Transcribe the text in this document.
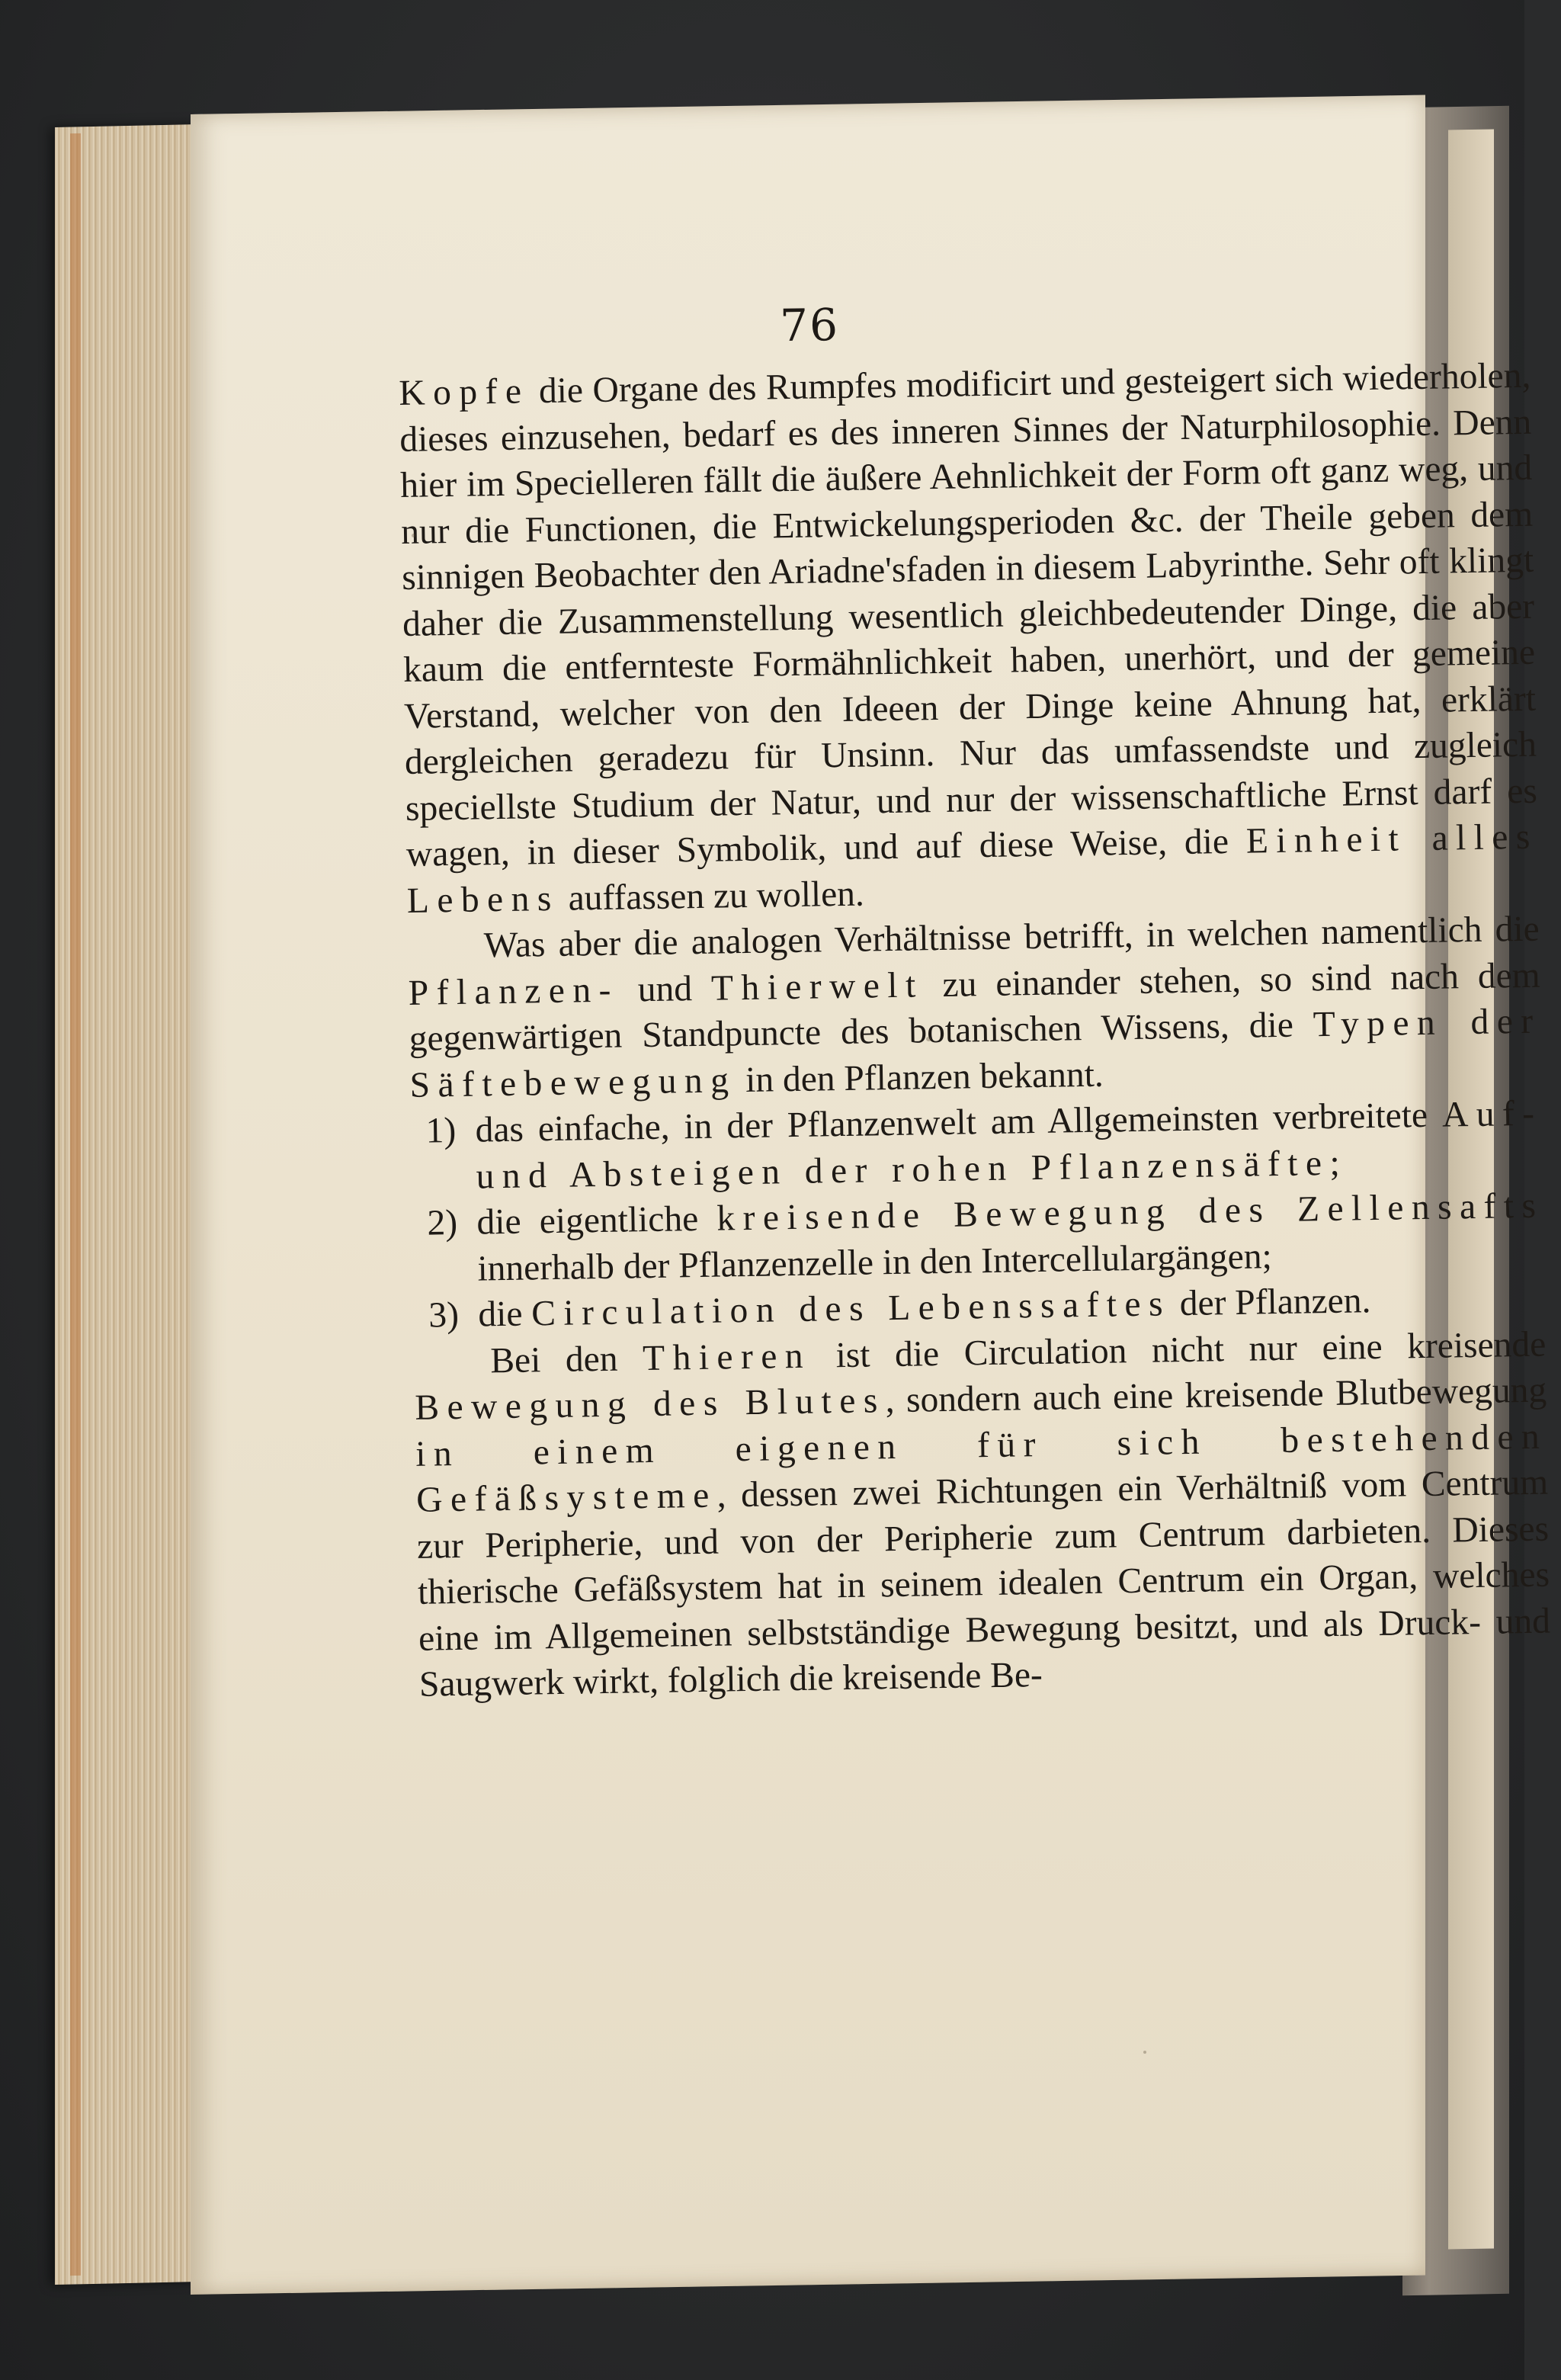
76

Kopfe die Organe des Rumpfes modificirt und gesteigert sich wiederholen, dieses einzusehen, bedarf es des inneren Sinnes der Naturphilosophie. Denn hier im Specielleren fällt die äußere Aehnlichkeit der Form oft ganz weg, und nur die Functionen, die Entwickelungsperioden &c. der Theile geben dem sinnigen Beobachter den Ariadne'sfaden in diesem Labyrinthe. Sehr oft klingt daher die Zusammenstellung wesentlich gleichbedeutender Dinge, die aber kaum die entfernteste Formähnlichkeit haben, unerhört, und der gemeine Verstand, welcher von den Ideeen der Dinge keine Ahnung hat, erklärt dergleichen geradezu für Unsinn. Nur das umfassendste und zugleich speciellste Studium der Natur, und nur der wissenschaftliche Ernst darf es wagen, in dieser Symbolik, und auf diese Weise, die Einheit alles Lebens auffassen zu wollen.

Was aber die analogen Verhältnisse betrifft, in welchen namentlich die Pflanzen- und Thierwelt zu einander stehen, so sind nach dem gegenwärtigen Standpuncte des botanischen Wissens, die Typen der Säftebewegung in den Pflanzen bekannt.

1) das einfache, in der Pflanzenwelt am Allgemeinsten verbreitete Auf- und Absteigen der rohen Pflanzensäfte;
2) die eigentliche kreisende Bewegung des Zellensafts innerhalb der Pflanzenzelle in den Intercellulargängen;
3) die Circulation des Lebenssaftes der Pflanzen.

Bei den Thieren ist die Circulation nicht nur eine kreisende Bewegung des Blutes, sondern auch eine kreisende Blutbewegung in einem eigenen für sich bestehenden Gefäßsysteme, dessen zwei Richtungen ein Verhältniß vom Centrum zur Peripherie, und von der Peripherie zum Centrum darbieten. Dieses thierische Gefäßsystem hat in seinem idealen Centrum ein Organ, welches eine im Allgemeinen selbstständige Bewegung besitzt, und als Druck- und Saugwerk wirkt, folglich die kreisende Be-
